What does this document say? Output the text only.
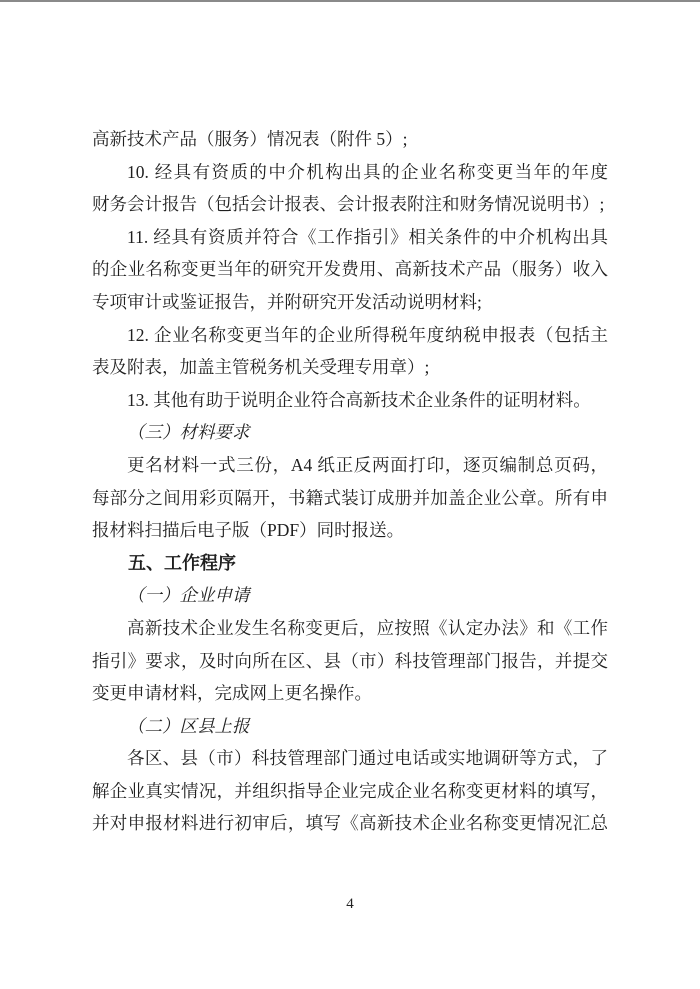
高新技术产品（服务）情况表（附件 5）;
10. 经具有资质的中介机构出具的企业名称变更当年的年度
财务会计报告（包括会计报表、会计报表附注和财务情况说明书）;
11. 经具有资质并符合《工作指引》相关条件的中介机构出具
的企业名称变更当年的研究开发费用、高新技术产品（服务）收入
专项审计或鉴证报告，并附研究开发活动说明材料;
12. 企业名称变更当年的企业所得税年度纳税申报表（包括主
表及附表，加盖主管税务机关受理专用章）;
13. 其他有助于说明企业符合高新技术企业条件的证明材料。
（三）材料要求
更名材料一式三份，A4 纸正反两面打印，逐页编制总页码，
每部分之间用彩页隔开，书籍式装订成册并加盖企业公章。所有申
报材料扫描后电子版（PDF）同时报送。
五、工作程序
（一）企业申请
高新技术企业发生名称变更后，应按照《认定办法》和《工作
指引》要求，及时向所在区、县（市）科技管理部门报告，并提交
变更申请材料，完成网上更名操作。
（二）区县上报
各区、县（市）科技管理部门通过电话或实地调研等方式，了
解企业真实情况，并组织指导企业完成企业名称变更材料的填写，
并对申报材料进行初审后，填写《高新技术企业名称变更情况汇总
4
